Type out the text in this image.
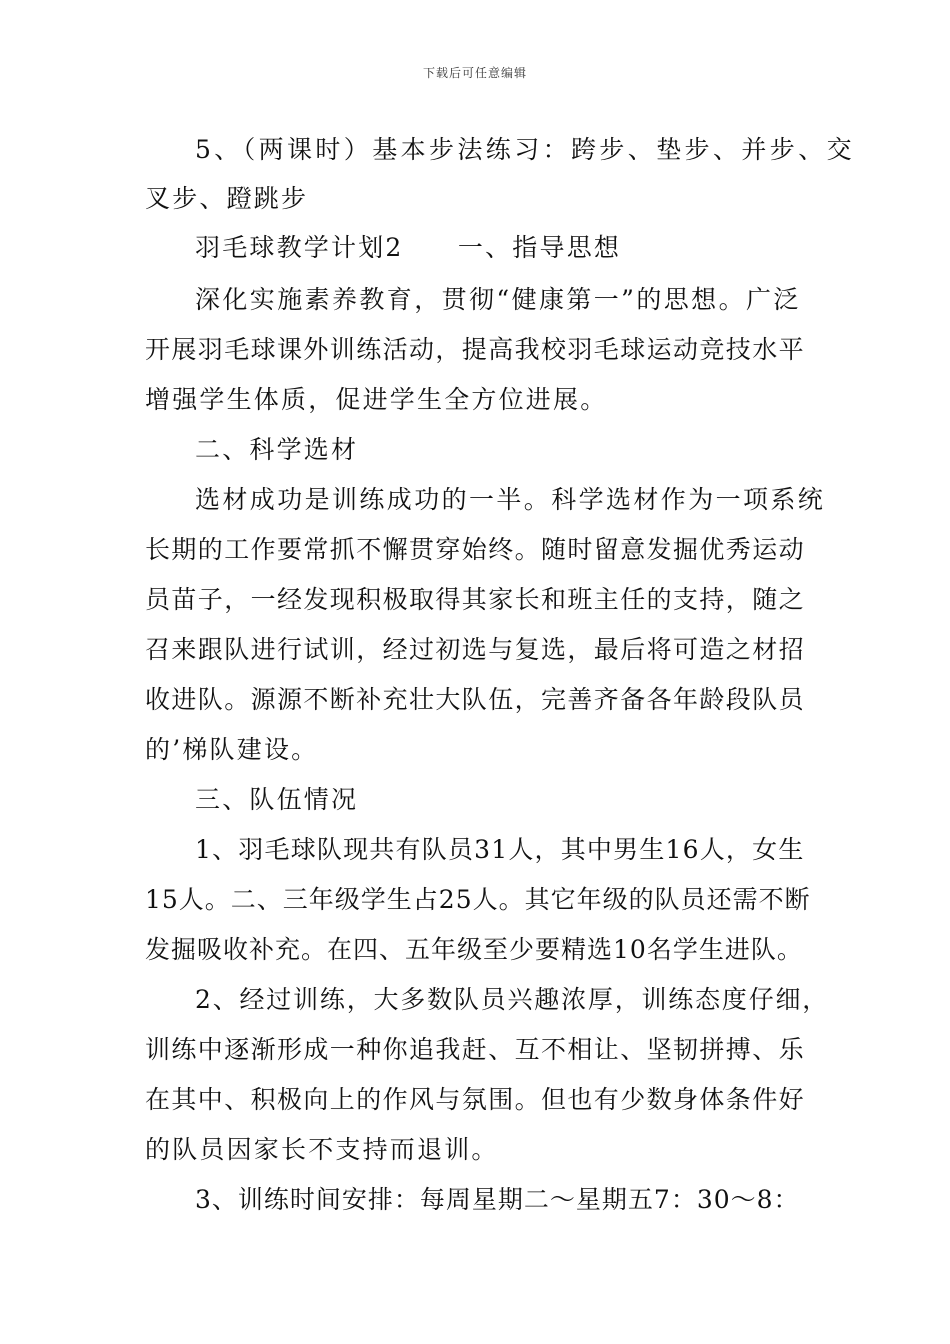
下载后可任意编辑
5、（两课时）基本步法练习：跨步、垫步、并步、交
叉步、蹬跳步
羽毛球教学计划2　　一、指导思想
深化实施素养教育，贯彻“健康第一”的思想。广泛
开展羽毛球课外训练活动，提高我校羽毛球运动竞技水平
增强学生体质，促进学生全方位进展。
二、科学选材
选材成功是训练成功的一半。科学选材作为一项系统
长期的工作要常抓不懈贯穿始终。随时留意发掘优秀运动
员苗子，一经发现积极取得其家长和班主任的支持，随之
召来跟队进行试训，经过初选与复选，最后将可造之材招
收进队。源源不断补充壮大队伍，完善齐备各年龄段队员
的’梯队建设。
三、队伍情况
1、羽毛球队现共有队员31人，其中男生16人，女生
15人。二、三年级学生占25人。其它年级的队员还需不断
发掘吸收补充。在四、五年级至少要精选10名学生进队。
2、经过训练，大多数队员兴趣浓厚，训练态度仔细，
训练中逐渐形成一种你追我赶、互不相让、坚韧拼搏、乐
在其中、积极向上的作风与氛围。但也有少数身体条件好
的队员因家长不支持而退训。
3、训练时间安排：每周星期二～星期五7：30～8：
